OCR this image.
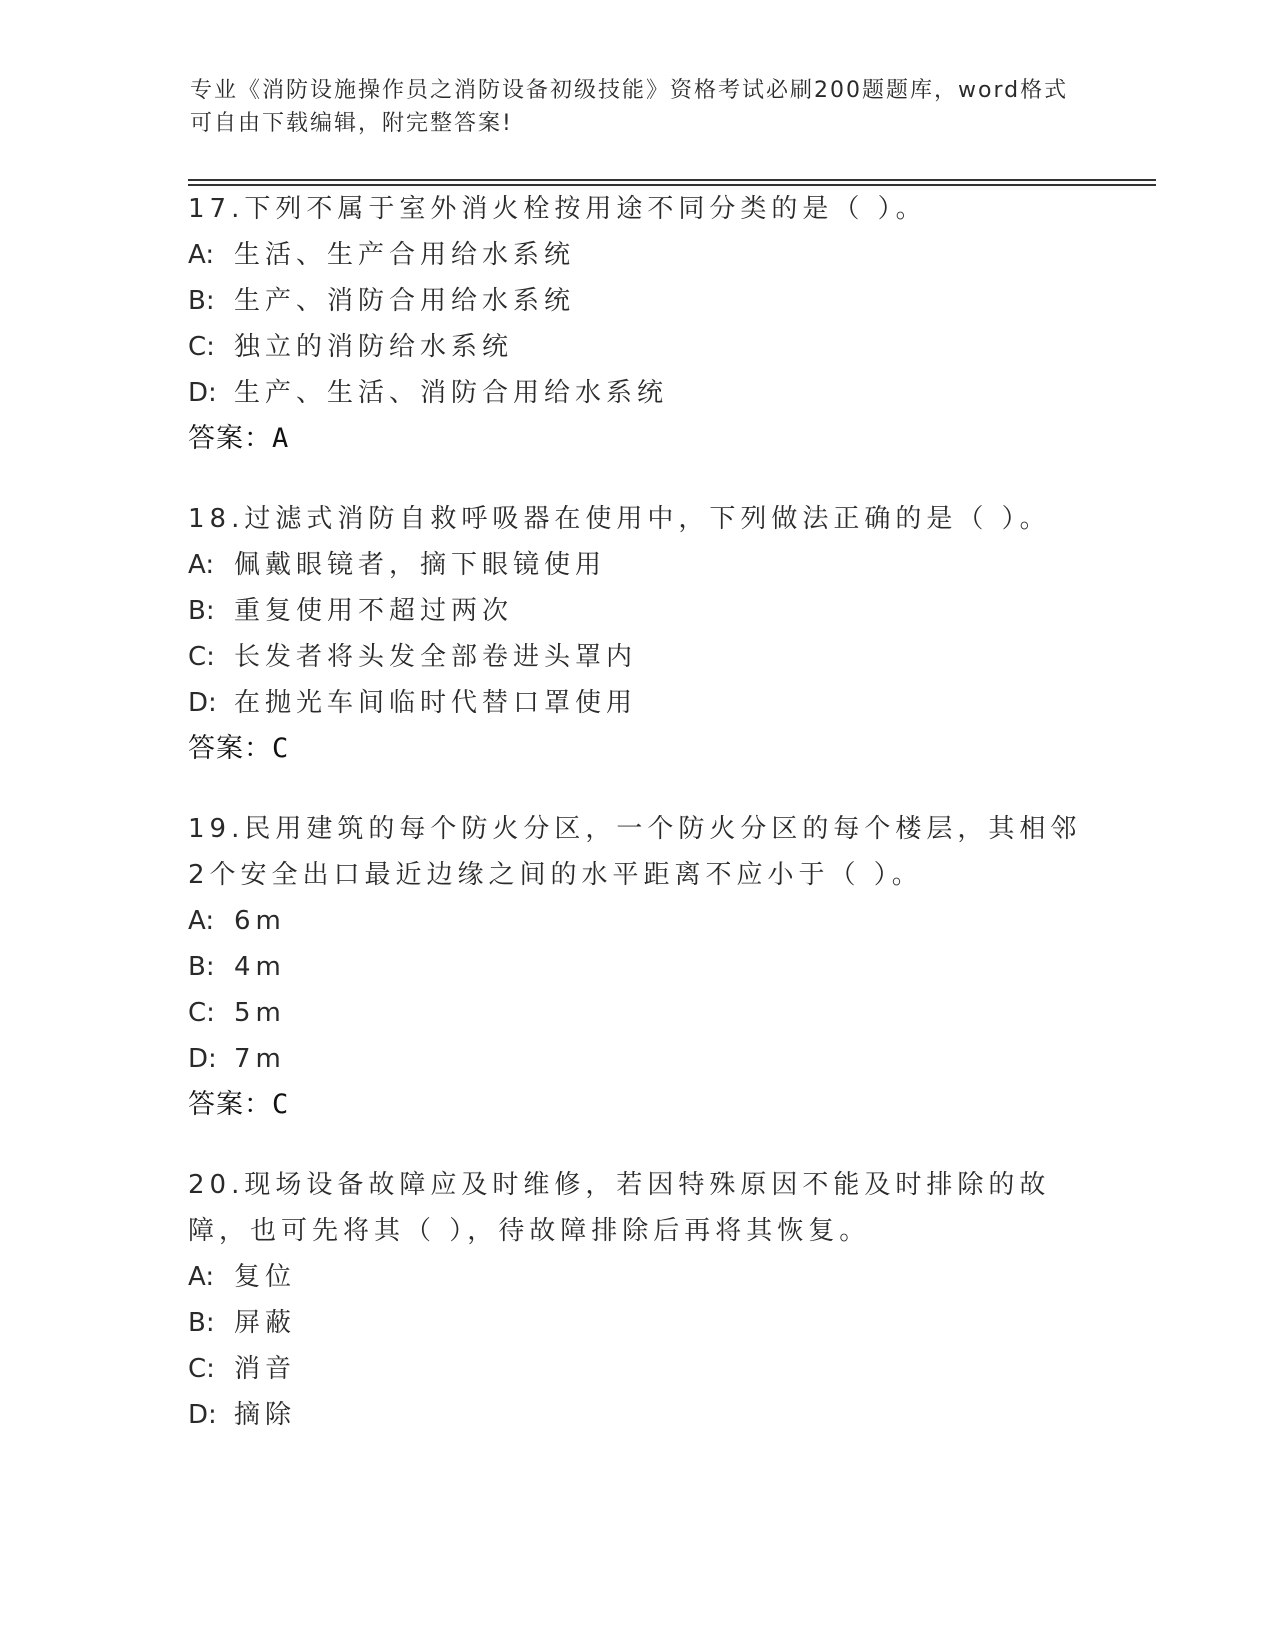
专业《消防设施操作员之消防设备初级技能》资格考试必刷200题题库，word格式可自由下载编辑，附完整答案!
17.下列不属于室外消火栓按用途不同分类的是（ ）。
A: 生活、生产合用给水系统
B: 生产、消防合用给水系统
C: 独立的消防给水系统
D: 生产、生活、消防合用给水系统
答案：A
18.过滤式消防自救呼吸器在使用中，下列做法正确的是（ ）。
A: 佩戴眼镜者，摘下眼镜使用
B: 重复使用不超过两次
C: 长发者将头发全部卷进头罩内
D: 在抛光车间临时代替口罩使用
答案：C
19.民用建筑的每个防火分区，一个防火分区的每个楼层，其相邻2个安全出口最近边缘之间的水平距离不应小于（ ）。
A: 6m
B: 4m
C: 5m
D: 7m
答案：C
20.现场设备故障应及时维修，若因特殊原因不能及时排除的故障，也可先将其（ ），待故障排除后再将其恢复。
A: 复位
B: 屏蔽
C: 消音
D: 摘除
